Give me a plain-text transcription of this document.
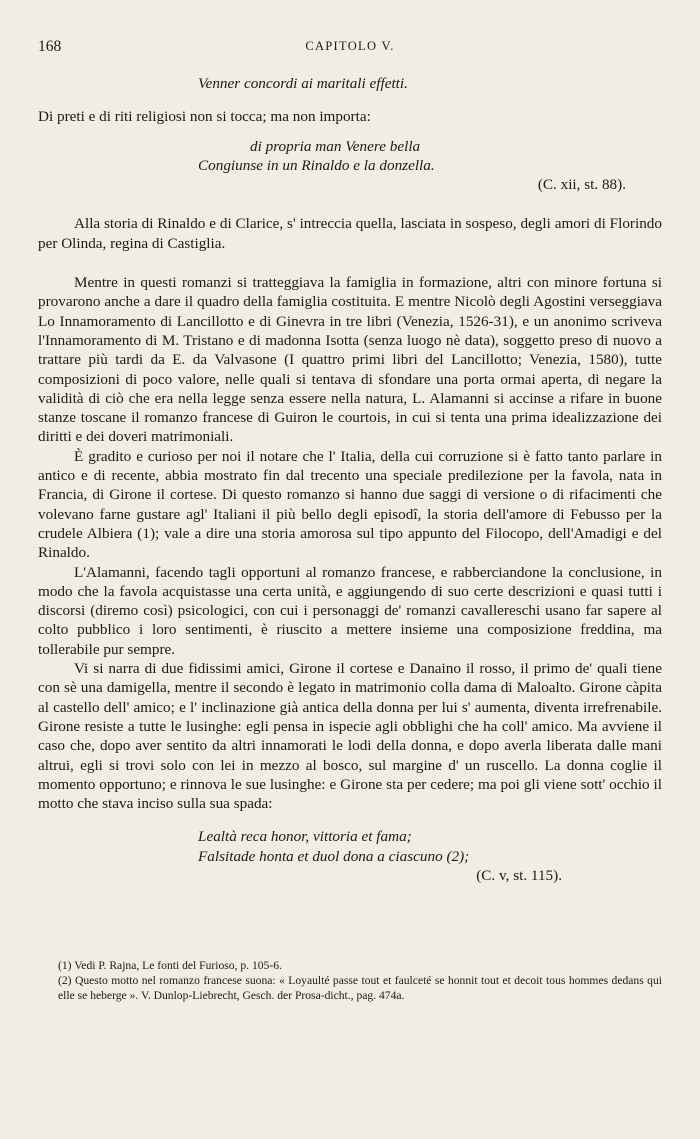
168	CAPITOLO V.
Venner concordi ai maritali effetti.
Di preti e di riti religiosi non si tocca; ma non importa:
di propria man Venere bella
Congiunse in un Rinaldo e la donzella.
(C. xii, st. 88).

Alla storia di Rinaldo e di Clarice, s' intreccia quella, lasciata in sospeso, degli amori di Florindo per Olinda, regina di Castiglia.

Mentre in questi romanzi si tratteggiava la famiglia in formazione, altri con minore fortuna si provarono anche a dare il quadro della famiglia costituita. E mentre Nicolò degli Agostini verseggiava Lo Innamoramento di Lancillotto e di Ginevra in tre libri (Venezia, 1526-31), e un anonimo scriveva l'Innamoramento di M. Tristano e di madonna Isotta (senza luogo nè data), soggetto preso di nuovo a trattare più tardi da E. da Valvasone (I quattro primi libri del Lancillotto; Venezia, 1580), tutte composizioni di poco valore, nelle quali si tentava di sfondare una porta ormai aperta, di negare la validità di ciò che era nella legge senza essere nella natura, L. Alamanni si accinse a rifare in buone stanze toscane il romanzo francese di Guiron le courtois, in cui si tenta una prima idealizzazione dei diritti e dei doveri matrimoniali.

È gradito e curioso per noi il notare che l' Italia, della cui corruzione si è fatto tanto parlare in antico e di recente, abbia mostrato fin dal trecento una speciale predilezione per la favola, nata in Francia, di Girone il cortese. Di questo romanzo si hanno due saggi di versione o di rifacimenti che volevano farne gustare agl' Italiani il più bello degli episodî, la storia dell'amore di Febusso per la crudele Albiera (1); vale a dire una storia amorosa sul tipo appunto del Filocopo, dell'Amadigi e del Rinaldo.

L'Alamanni, facendo tagli opportuni al romanzo francese, e rabberciandone la conclusione, in modo che la favola acquistasse una certa unità, e aggiungendo di suo certe descrizioni e quasi tutti i discorsi (diremo così) psicologici, con cui i personaggi de' romanzi cavallereschi usano far sapere al colto pubblico i loro sentimenti, è riuscito a mettere insieme una composizione freddina, ma tollerabile pur sempre.

Vi si narra di due fidissimi amici, Girone il cortese e Danaino il rosso, il primo de' quali tiene con sè una damigella, mentre il secondo è legato in matrimonio colla dama di Maloalto. Girone càpita al castello dell' amico; e l' inclinazione già antica della donna per lui s' aumenta, diventa irrefrenabile. Girone resiste a tutte le lusinghe: egli pensa in ispecie agli obblighi che ha coll' amico. Ma avviene il caso che, dopo aver sentito da altri innamorati le lodi della donna, e dopo averla liberata dalle mani altrui, egli si trovi solo con lei in mezzo al bosco, sul margine d' un ruscello. La donna coglie il momento opportuno; e rinnova le sue lusinghe: e Girone sta per cedere; ma poi gli viene sott' occhio il motto che stava inciso sulla sua spada:

Lealtà reca honor, vittoria et fama;
Falsitade honta et duol dona a ciascuno (2);
(C. v, st. 115).
(1) Vedi P. Rajna, Le fonti del Furioso, p. 105-6.
(2) Questo motto nel romanzo francese suona: « Loyaulté passe tout et faulceté se honnit tout et decoit tous hommes dedans qui elle se heberge ». V. Dunlop-Liebrecht, Gesch. der Prosa-dicht., pag. 474a.
